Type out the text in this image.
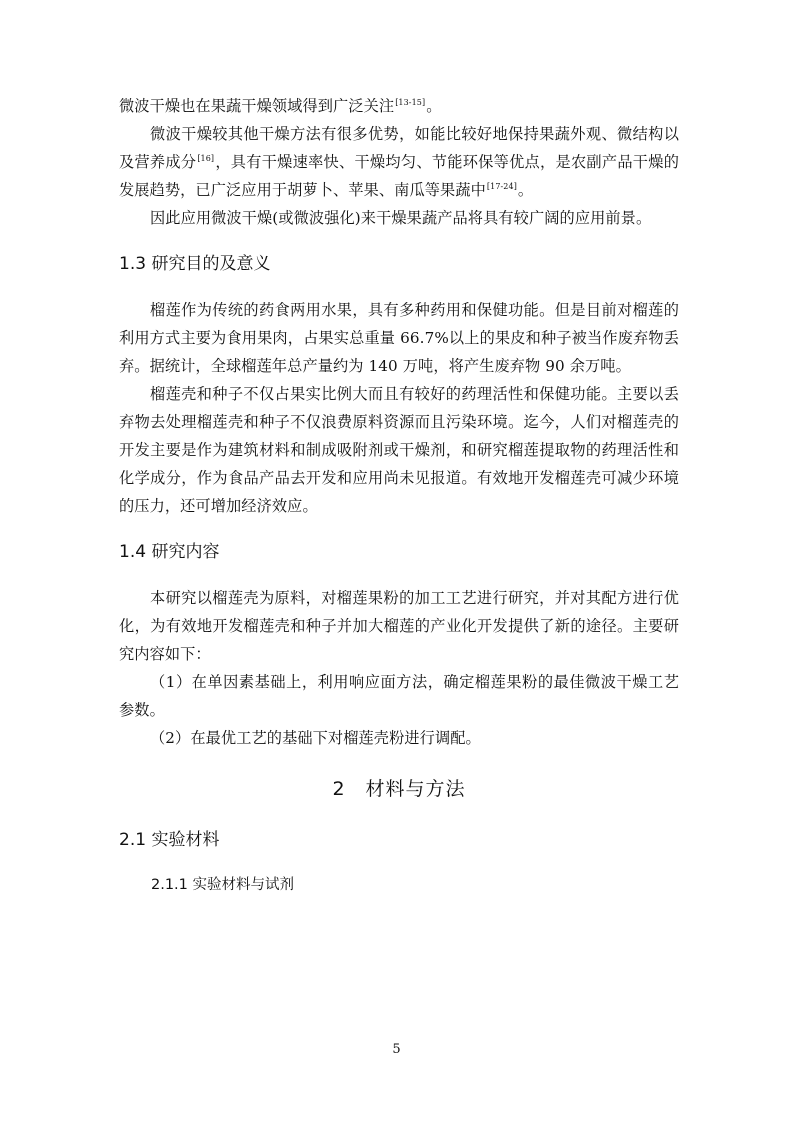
微波干燥也在果蔬干燥领域得到广泛关注[13-15]。

微波干燥较其他干燥方法有很多优势，如能比较好地保持果蔬外观、微结构以及营养成分[16]，具有干燥速率快、干燥均匀、节能环保等优点，是农副产品干燥的发展趋势，已广泛应用于胡萝卜、苹果、南瓜等果蔬中[17-24]。

因此应用微波干燥(或微波强化)来干燥果蔬产品将具有较广阔的应用前景。

1.3 研究目的及意义

榴莲作为传统的药食两用水果，具有多种药用和保健功能。但是目前对榴莲的利用方式主要为食用果肉，占果实总重量 66.7%以上的果皮和种子被当作废弃物丢弃。据统计，全球榴莲年总产量约为 140 万吨，将产生废弃物 90 余万吨。

榴莲壳和种子不仅占果实比例大而且有较好的药理活性和保健功能。主要以丢弃物去处理榴莲壳和种子不仅浪费原料资源而且污染环境。迄今，人们对榴莲壳的开发主要是作为建筑材料和制成吸附剂或干燥剂，和研究榴莲提取物的药理活性和化学成分，作为食品产品去开发和应用尚未见报道。有效地开发榴莲壳可减少环境的压力，还可增加经济效应。

1.4 研究内容

本研究以榴莲壳为原料，对榴莲果粉的加工工艺进行研究，并对其配方进行优化，为有效地开发榴莲壳和种子并加大榴莲的产业化开发提供了新的途径。主要研究内容如下：

（1）在单因素基础上，利用响应面方法，确定榴莲果粉的最佳微波干燥工艺参数。

（2）在最优工艺的基础下对榴莲壳粉进行调配。

2　材料与方法
2.1 实验材料
2.1.1 实验材料与试剂
5
